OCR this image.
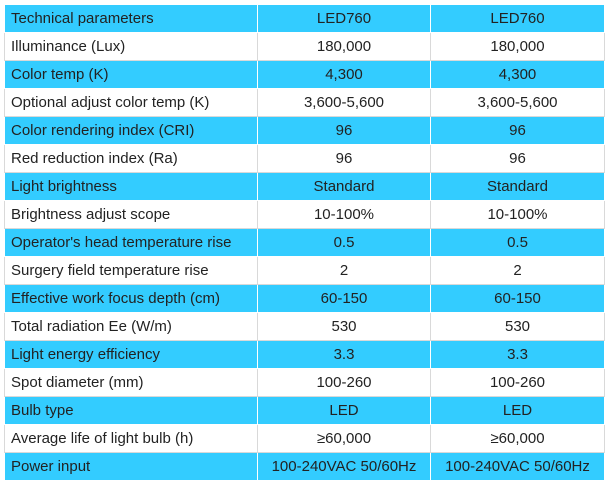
Technical parameters	LED760	LED760
Illuminance (Lux)	180,000	180,000
Color temp (K)	4,300	4,300
Optional adjust color temp (K)	3,600-5,600	3,600-5,600
Color rendering index (CRI)	96	96
Red reduction index (Ra)	96	96
Light brightness	Standard	Standard
Brightness adjust scope	10-100%	10-100%
Operator's head temperature rise	0.5	0.5
Surgery field temperature rise	2	2
Effective work focus depth (cm)	60-150	60-150
Total radiation Ee (W/m)	530	530
Light energy efficiency	3.3	3.3
Spot diameter (mm)	100-260	100-260
Bulb type	LED	LED
Average life of light bulb (h)	≥60,000	≥60,000
Power input	100-240VAC 50/60Hz	100-240VAC 50/60Hz
